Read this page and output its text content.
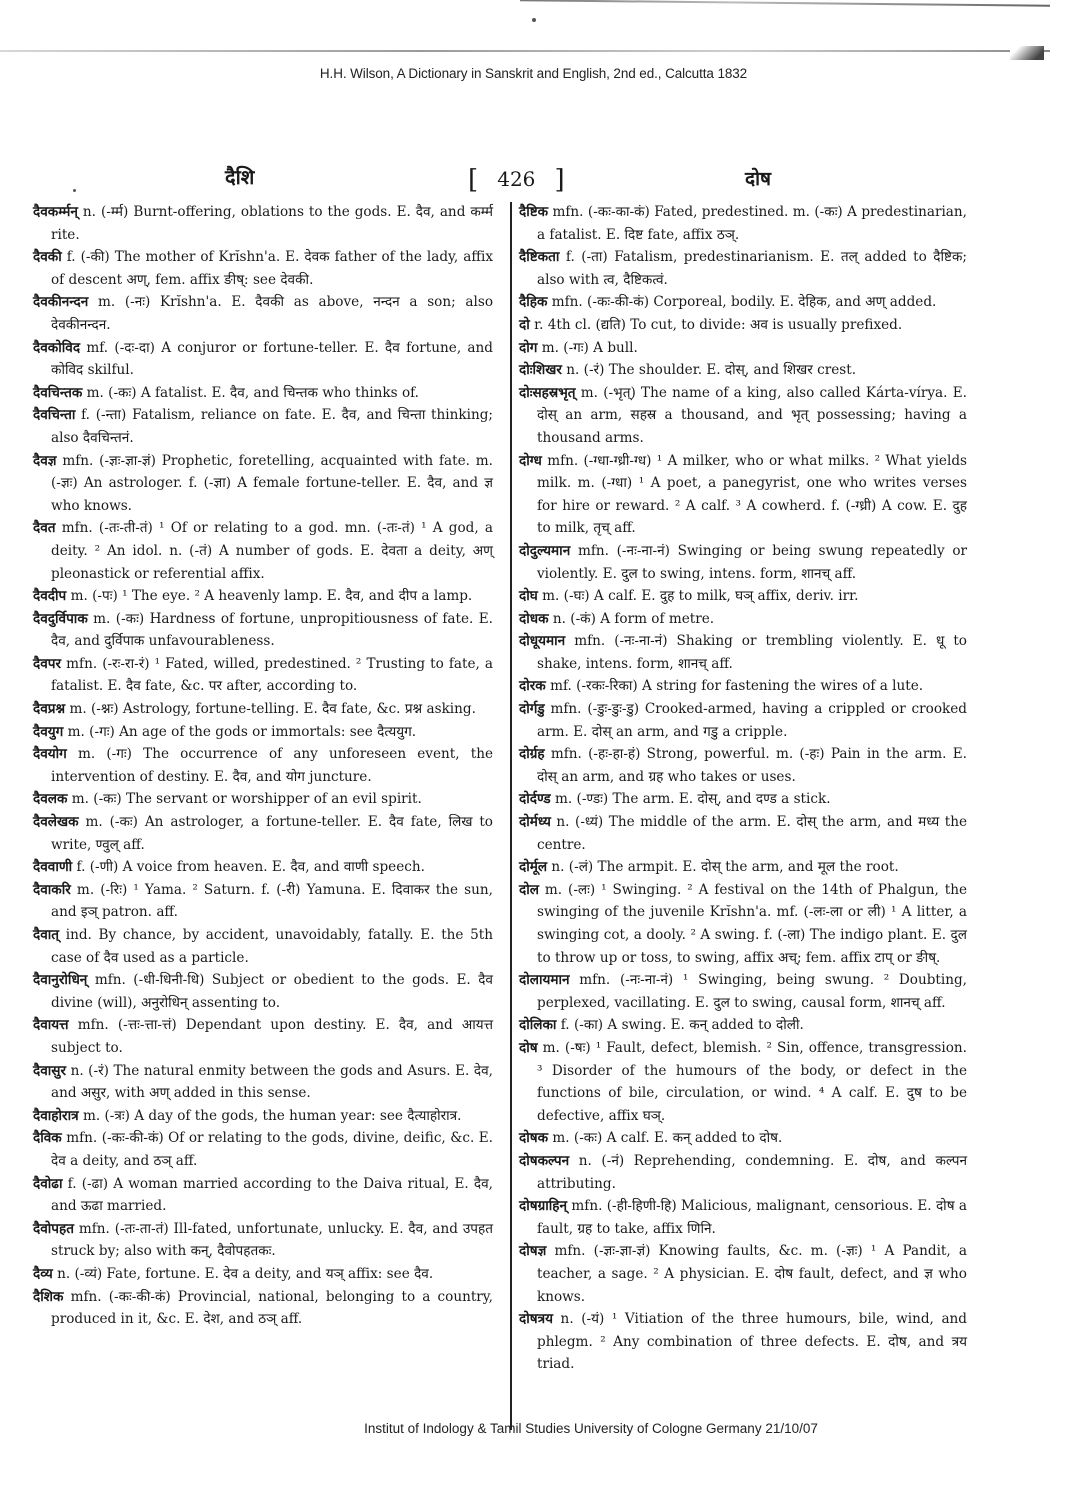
H.H. Wilson, A Dictionary in Sanskrit and English, 2nd ed., Calcutta 1832
दैशि	[ 426 ]	दोष

दैवकर्म्मन् n. (-र्म्म) Burnt-offering, oblations to the gods. E. दैव, and कर्म्म rite.

दैवकी f. (-की) The mother of Krĭshn'a. E. देवक father of the lady, affix of descent अण्, fem. affix ङीष्: see देवकी.

दैवकीनन्दन m. (-नः) Krĭshn'a. E. दैवकी as above, नन्दन a son; also देवकीनन्दन.

दैवकोविद mf. (-दः-दा) A conjuror or fortune-teller. E. दैव fortune, and कोविद skilful.

दैवचिन्तक m. (-कः) A fatalist. E. दैव, and चिन्तक who thinks of.

दैवचिन्ता f. (-न्ता) Fatalism, reliance on fate. E. दैव, and चिन्ता thinking; also दैवचिन्तनं.

दैवज्ञ mfn. (-ज्ञः-ज्ञा-ज्ञं) Prophetic, foretelling, acquainted with fate. m. (-ज्ञः) An astrologer. f. (-ज्ञा) A female fortune-teller. E. दैव, and ज्ञ who knows.

दैवत mfn. (-तः-ती-तं) ¹ Of or relating to a god. mn. (-तः-तं) ¹ A god, a deity. ² An idol. n. (-तं) A number of gods. E. देवता a deity, अण् pleonastick or referential affix.

दैवदीप m. (-पः) ¹ The eye. ² A heavenly lamp. E. दैव, and दीप a lamp.

दैवदुर्विपाक m. (-कः) Hardness of fortune, unpropitiousness of fate. E. दैव, and दुर्विपाक unfavourableness.

दैवपर mfn. (-रः-रा-रं) ¹ Fated, willed, predestined. ² Trusting to fate, a fatalist. E. दैव fate, &c. पर after, according to.

दैवप्रश्न m. (-श्नः) Astrology, fortune-telling. E. दैव fate, &c. प्रश्न asking.

दैवयुग m. (-गः) An age of the gods or immortals: see दैत्ययुग.

दैवयोग m. (-गः) The occurrence of any unforeseen event, the intervention of destiny. E. दैव, and योग juncture.

दैवलक m. (-कः) The servant or worshipper of an evil spirit.

दैवलेखक m. (-कः) An astrologer, a fortune-teller. E. दैव fate, लिख to write, ण्वुल् aff.

दैववाणी f. (-णी) A voice from heaven. E. दैव, and वाणी speech.

दैवाकरि m. (-रिः) ¹ Yama. ² Saturn. f. (-री) Yamuna. E. दिवाकर the sun, and इञ् patron. aff.

दैवात् ind. By chance, by accident, unavoidably, fatally. E. the 5th case of दैव used as a particle.

दैवानुरोधिन् mfn. (-धी-धिनी-धि) Subject or obedient to the gods. E. दैव divine (will), अनुरोधिन् assenting to.

दैवायत्त mfn. (-त्तः-त्ता-त्तं) Dependant upon destiny. E. दैव, and आयत्त subject to.

दैवासुर n. (-रं) The natural enmity between the gods and Asurs. E. देव, and असुर, with अण् added in this sense.

दैवाहोरात्र m. (-त्रः) A day of the gods, the human year: see दैत्याहोरात्र.

दैविक mfn. (-कः-की-कं) Of or relating to the gods, divine, deific, &c. E. देव a deity, and ठञ् aff.

दैवोढा f. (-ढा) A woman married according to the Daiva ritual, E. दैव, and ऊढा married.

दैवोपहत mfn. (-तः-ता-तं) Ill-fated, unfortunate, unlucky. E. दैव, and उपहत struck by; also with कन्, दैवोपहतकः.

दैव्य n. (-व्यं) Fate, fortune. E. देव a deity, and यञ् affix: see दैव.

दैशिक mfn. (-कः-की-कं) Provincial, national, belonging to a country, produced in it, &c. E. देश, and ठञ् aff.

दैष्टिक mfn. (-कः-का-कं) Fated, predestined. m. (-कः) A predestinarian, a fatalist. E. दिष्ट fate, affix ठञ्.

दैष्टिकता f. (-ता) Fatalism, predestinarianism. E. तल् added to दैष्टिक; also with त्व, दैष्टिकत्वं.

दैहिक mfn. (-कः-की-कं) Corporeal, bodily. E. देहिक, and अण् added.

दो r. 4th cl. (द्यति) To cut, to divide: अव is usually prefixed.

दोग m. (-गः) A bull.

दोःशिखर n. (-रं) The shoulder. E. दोस्, and शिखर crest.

दोःसहस्रभृत् m. (-भृत्) The name of a king, also called Kárta-vírya. E. दोस् an arm, सहस्र a thousand, and भृत् possessing; having a thousand arms.

दोग्ध mfn. (-ग्धा-ग्ध्री-ग्ध) ¹ A milker, who or what milks. ² What yields milk. m. (-ग्धा) ¹ A poet, a panegyrist, one who writes verses for hire or reward. ² A calf. ³ A cowherd. f. (-ग्ध्री) A cow. E. दुह to milk, तृच् aff.

दोदुल्यमान mfn. (-नः-ना-नं) Swinging or being swung repeatedly or violently. E. दुल to swing, intens. form, शानच् aff.

दोघ m. (-घः) A calf. E. दुह to milk, घञ् affix, deriv. irr.

दोधक n. (-कं) A form of metre.

दोधूयमान mfn. (-नः-ना-नं) Shaking or trembling violently. E. धू to shake, intens. form, शानच् aff.

दोरक mf. (-रकः-रिका) A string for fastening the wires of a lute.

दोर्गडु mfn. (-डुः-डुः-डु) Crooked-armed, having a crippled or crooked arm. E. दोस् an arm, and गडु a cripple.

दोर्ग्रह mfn. (-हः-हा-हं) Strong, powerful. m. (-हः) Pain in the arm. E. दोस् an arm, and ग्रह who takes or uses.

दोर्दण्ड m. (-ण्डः) The arm. E. दोस्, and दण्ड a stick.

दोर्मध्य n. (-ध्यं) The middle of the arm. E. दोस् the arm, and मध्य the centre.

दोर्मूल n. (-लं) The armpit. E. दोस् the arm, and मूल the root.

दोल m. (-लः) ¹ Swinging. ² A festival on the 14th of Phalgun, the swinging of the juvenile Krĭshn'a. mf. (-लः-ला or ली) ¹ A litter, a swinging cot, a dooly. ² A swing. f. (-ला) The indigo plant. E. दुल to throw up or toss, to swing, affix अच्; fem. affix टाप् or ङीष्.

दोलायमान mfn. (-नः-ना-नं) ¹ Swinging, being swung. ² Doubting, perplexed, vacillating. E. दुल to swing, causal form, शानच् aff.

दोलिका f. (-का) A swing. E. कन् added to दोली.

दोष m. (-षः) ¹ Fault, defect, blemish. ² Sin, offence, transgression. ³ Disorder of the humours of the body, or defect in the functions of bile, circulation, or wind. ⁴ A calf. E. दुष to be defective, affix घञ्.

दोषक m. (-कः) A calf. E. कन् added to दोष.

दोषकल्पन n. (-नं) Reprehending, condemning. E. दोष, and कल्पन attributing.

दोषग्राहिन् mfn. (-ही-हिणी-हि) Malicious, malignant, censorious. E. दोष a fault, ग्रह to take, affix णिनि.

दोषज्ञ mfn. (-ज्ञः-ज्ञा-ज्ञं) Knowing faults, &c. m. (-ज्ञः) ¹ A Pandit, a teacher, a sage. ² A physician. E. दोष fault, defect, and ज्ञ who knows.

दोषत्रय n. (-यं) ¹ Vitiation of the three humours, bile, wind, and phlegm. ² Any combination of three defects. E. दोष, and त्रय triad.

Institut of Indology & Tamil Studies University of Cologne Germany 21/10/07
